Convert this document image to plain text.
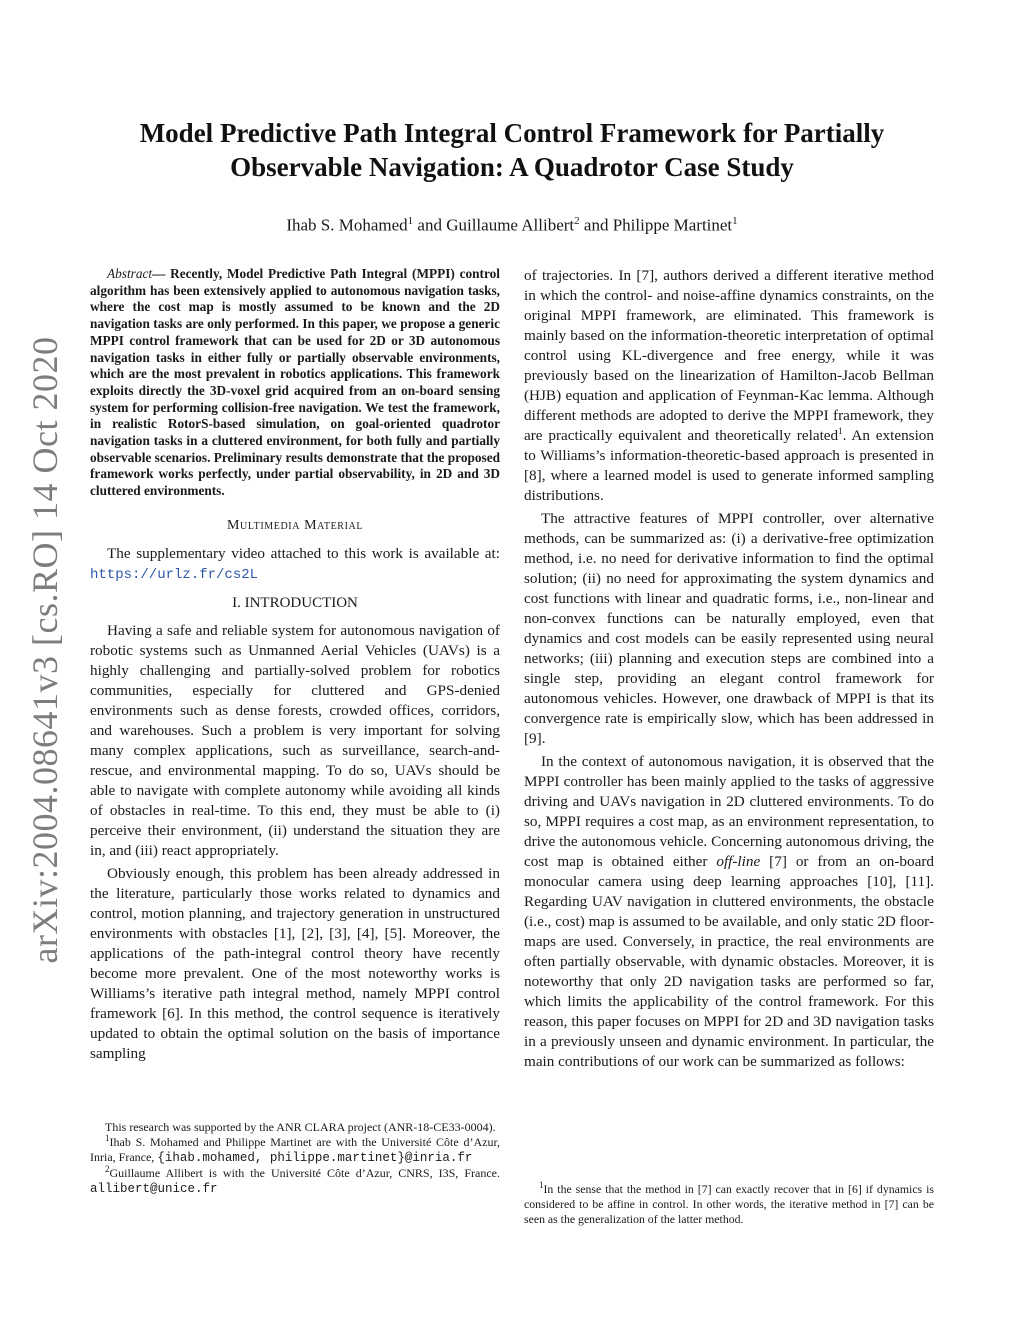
arXiv:2004.08641v3 [cs.RO] 14 Oct 2020
Model Predictive Path Integral Control Framework for Partially
Observable Navigation: A Quadrotor Case Study
Ihab S. Mohamed$^1$ and Guillaume Allibert$^2$ and Philippe Martinet$^1$

Abstract— Recently, Model Predictive Path Integral (MPPI) control algorithm has been extensively applied to autonomous navigation tasks, where the cost map is mostly assumed to be known and the 2D navigation tasks are only performed. In this paper, we propose a generic MPPI control framework that can be used for 2D or 3D autonomous navigation tasks in either fully or partially observable environments, which are the most prevalent in robotics applications. This framework exploits directly the 3D-voxel grid acquired from an on-board sensing system for performing collision-free navigation. We test the framework, in realistic RotorS-based simulation, on goal-oriented quadrotor navigation tasks in a cluttered environment, for both fully and partially observable scenarios. Preliminary results demonstrate that the proposed framework works perfectly, under partial observability, in 2D and 3D cluttered environments.

Multimedia Material

The supplementary video attached to this work is available at: https://urlz.fr/cs2L

I. INTRODUCTION

Having a safe and reliable system for autonomous navigation of robotic systems such as Unmanned Aerial Vehicles (UAVs) is a highly challenging and partially-solved problem for robotics communities, especially for cluttered and GPS-denied environments such as dense forests, crowded offices, corridors, and warehouses. Such a problem is very important for solving many complex applications, such as surveillance, search-and-rescue, and environmental mapping. To do so, UAVs should be able to navigate with complete autonomy while avoiding all kinds of obstacles in real-time. To this end, they must be able to (i) perceive their environment, (ii) understand the situation they are in, and (iii) react appropriately.

Obviously enough, this problem has been already addressed in the literature, particularly those works related to dynamics and control, motion planning, and trajectory generation in unstructured environments with obstacles [1], [2], [3], [4], [5]. Moreover, the applications of the path-integral control theory have recently become more prevalent. One of the most noteworthy works is Williams’s iterative path integral method, namely MPPI control framework [6]. In this method, the control sequence is iteratively updated to obtain the optimal solution on the basis of importance sampling

of trajectories. In [7], authors derived a different iterative method in which the control- and noise-affine dynamics constraints, on the original MPPI framework, are eliminated. This framework is mainly based on the information-theoretic interpretation of optimal control using KL-divergence and free energy, while it was previously based on the linearization of Hamilton-Jacob Bellman (HJB) equation and application of Feynman-Kac lemma. Although different methods are adopted to derive the MPPI framework, they are practically equivalent and theoretically related$^1$. An extension to Williams’s information-theoretic-based approach is presented in [8], where a learned model is used to generate informed sampling distributions.

The attractive features of MPPI controller, over alternative methods, can be summarized as: (i) a derivative-free optimization method, i.e. no need for derivative information to find the optimal solution; (ii) no need for approximating the system dynamics and cost functions with linear and quadratic forms, i.e., non-linear and non-convex functions can be naturally employed, even that dynamics and cost models can be easily represented using neural networks; (iii) planning and execution steps are combined into a single step, providing an elegant control framework for autonomous vehicles. However, one drawback of MPPI is that its convergence rate is empirically slow, which has been addressed in [9].

In the context of autonomous navigation, it is observed that the MPPI controller has been mainly applied to the tasks of aggressive driving and UAVs navigation in 2D cluttered environments. To do so, MPPI requires a cost map, as an environment representation, to drive the autonomous vehicle. Concerning autonomous driving, the cost map is obtained either off-line [7] or from an on-board monocular camera using deep learning approaches [10], [11]. Regarding UAV navigation in cluttered environments, the obstacle (i.e., cost) map is assumed to be available, and only static 2D floor-maps are used. Conversely, in practice, the real environments are often partially observable, with dynamic obstacles. Moreover, it is noteworthy that only 2D navigation tasks are performed so far, which limits the applicability of the control framework. For this reason, this paper focuses on MPPI for 2D and 3D navigation tasks in a previously unseen and dynamic environment. In particular, the main contributions of our work can be summarized as follows:

This research was supported by the ANR CLARA project (ANR-18-CE33-0004).

$^1$Ihab S. Mohamed and Philippe Martinet are with the Université Côte d’Azur, Inria, France, {ihab.mohamed, philippe.martinet}@inria.fr

$^2$Guillaume Allibert is with the Université Côte d’Azur, CNRS, I3S, France. allibert@unice.fr	$^1$In the sense that the method in [7] can exactly recover that in [6] if dynamics is considered to be affine in control. In other words, the iterative method in [7] can be seen as the generalization of the latter method.
